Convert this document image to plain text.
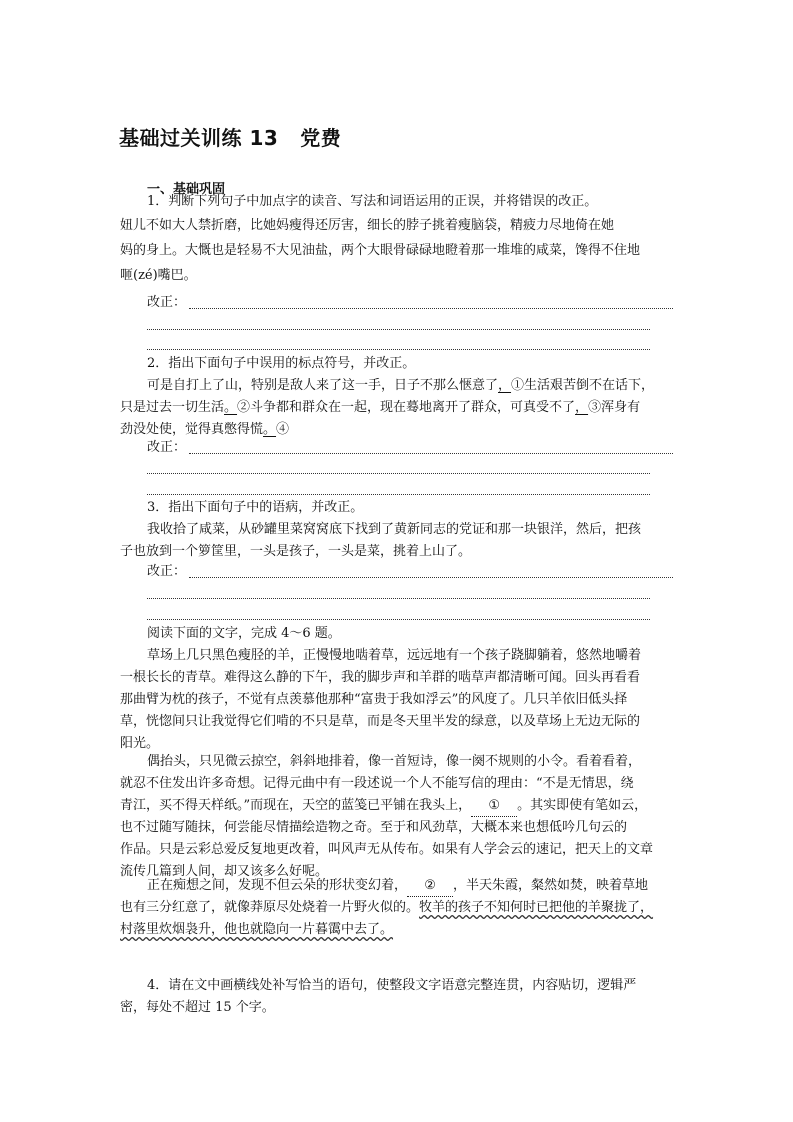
基础过关训练 13 党费
一、基础巩固
1．判断下列句子中加点字的读音、写法和词语运用的正误，并将错误的改正。
妞儿不如大人禁折磨，比她妈瘦得还厉害，细长的脖子挑着瘦脑袋，精疲力尽地倚在她
妈的身上。大慨也是轻易不大见油盐，两个大眼骨碌碌地瞪着那一堆堆的咸菜，馋得不住地
咂(zé)嘴巴。
改正：
2．指出下面句子中误用的标点符号，并改正。
可是自打上了山，特别是敌人来了这一手，日子不那么惬意了，①生活艰苦倒不在话下，
只是过去一切生活。②斗争都和群众在一起，现在蓦地离开了群众，可真受不了，③浑身有
劲没处使，觉得真憋得慌。④
改正：
3．指出下面句子中的语病，并改正。
我收拾了咸菜，从砂罐里菜窝窝底下找到了黄新同志的党证和那一块银洋，然后，把孩
子也放到一个箩筐里，一头是孩子，一头是菜，挑着上山了。
改正：
阅读下面的文字，完成 4～6 题。
草场上几只黑色瘦胫的羊，正慢慢地啮着草，远远地有一个孩子跷脚躺着，悠然地嚼着
一根长长的青草。难得这么静的下午，我的脚步声和羊群的啮草声都清晰可闻。回头再看看
那曲臂为枕的孩子，不觉有点羡慕他那种“富贵于我如浮云”的风度了。几只羊依旧低头择
草，恍惚间只让我觉得它们啃的不只是草，而是冬天里半发的绿意，以及草场上无边无际的
阳光。
偶抬头，只见微云掠空，斜斜地排着，像一首短诗，像一阕不规则的小令。看着看着，
就忍不住发出许多奇想。记得元曲中有一段述说一个人不能写信的理由：“不是无情思，绕
青江，买不得天样纸。”而现在，天空的蓝笺已平铺在我头上， ① 。其实即使有笔如云，
也不过随写随抹，何尝能尽情描绘造物之奇。至于和风劲草，大概本来也想低吟几句云的
作品。只是云彩总爱反复地更改着，叫风声无从传布。如果有人学会云的速记，把天上的文章
流传几篇到人间，却又该多么好呢。
正在痴想之间，发现不但云朵的形状变幻着， ② ，半天朱霞，粲然如焚，映着草地
也有三分红意了，就像莽原尽处烧着一片野火似的。牧羊的孩子不知何时已把他的羊聚拢了，
村落里炊烟袅升，他也就隐向一片暮霭中去了。
4．请在文中画横线处补写恰当的语句，使整段文字语意完整连贯，内容贴切，逻辑严
密，每处不超过 15 个字。
